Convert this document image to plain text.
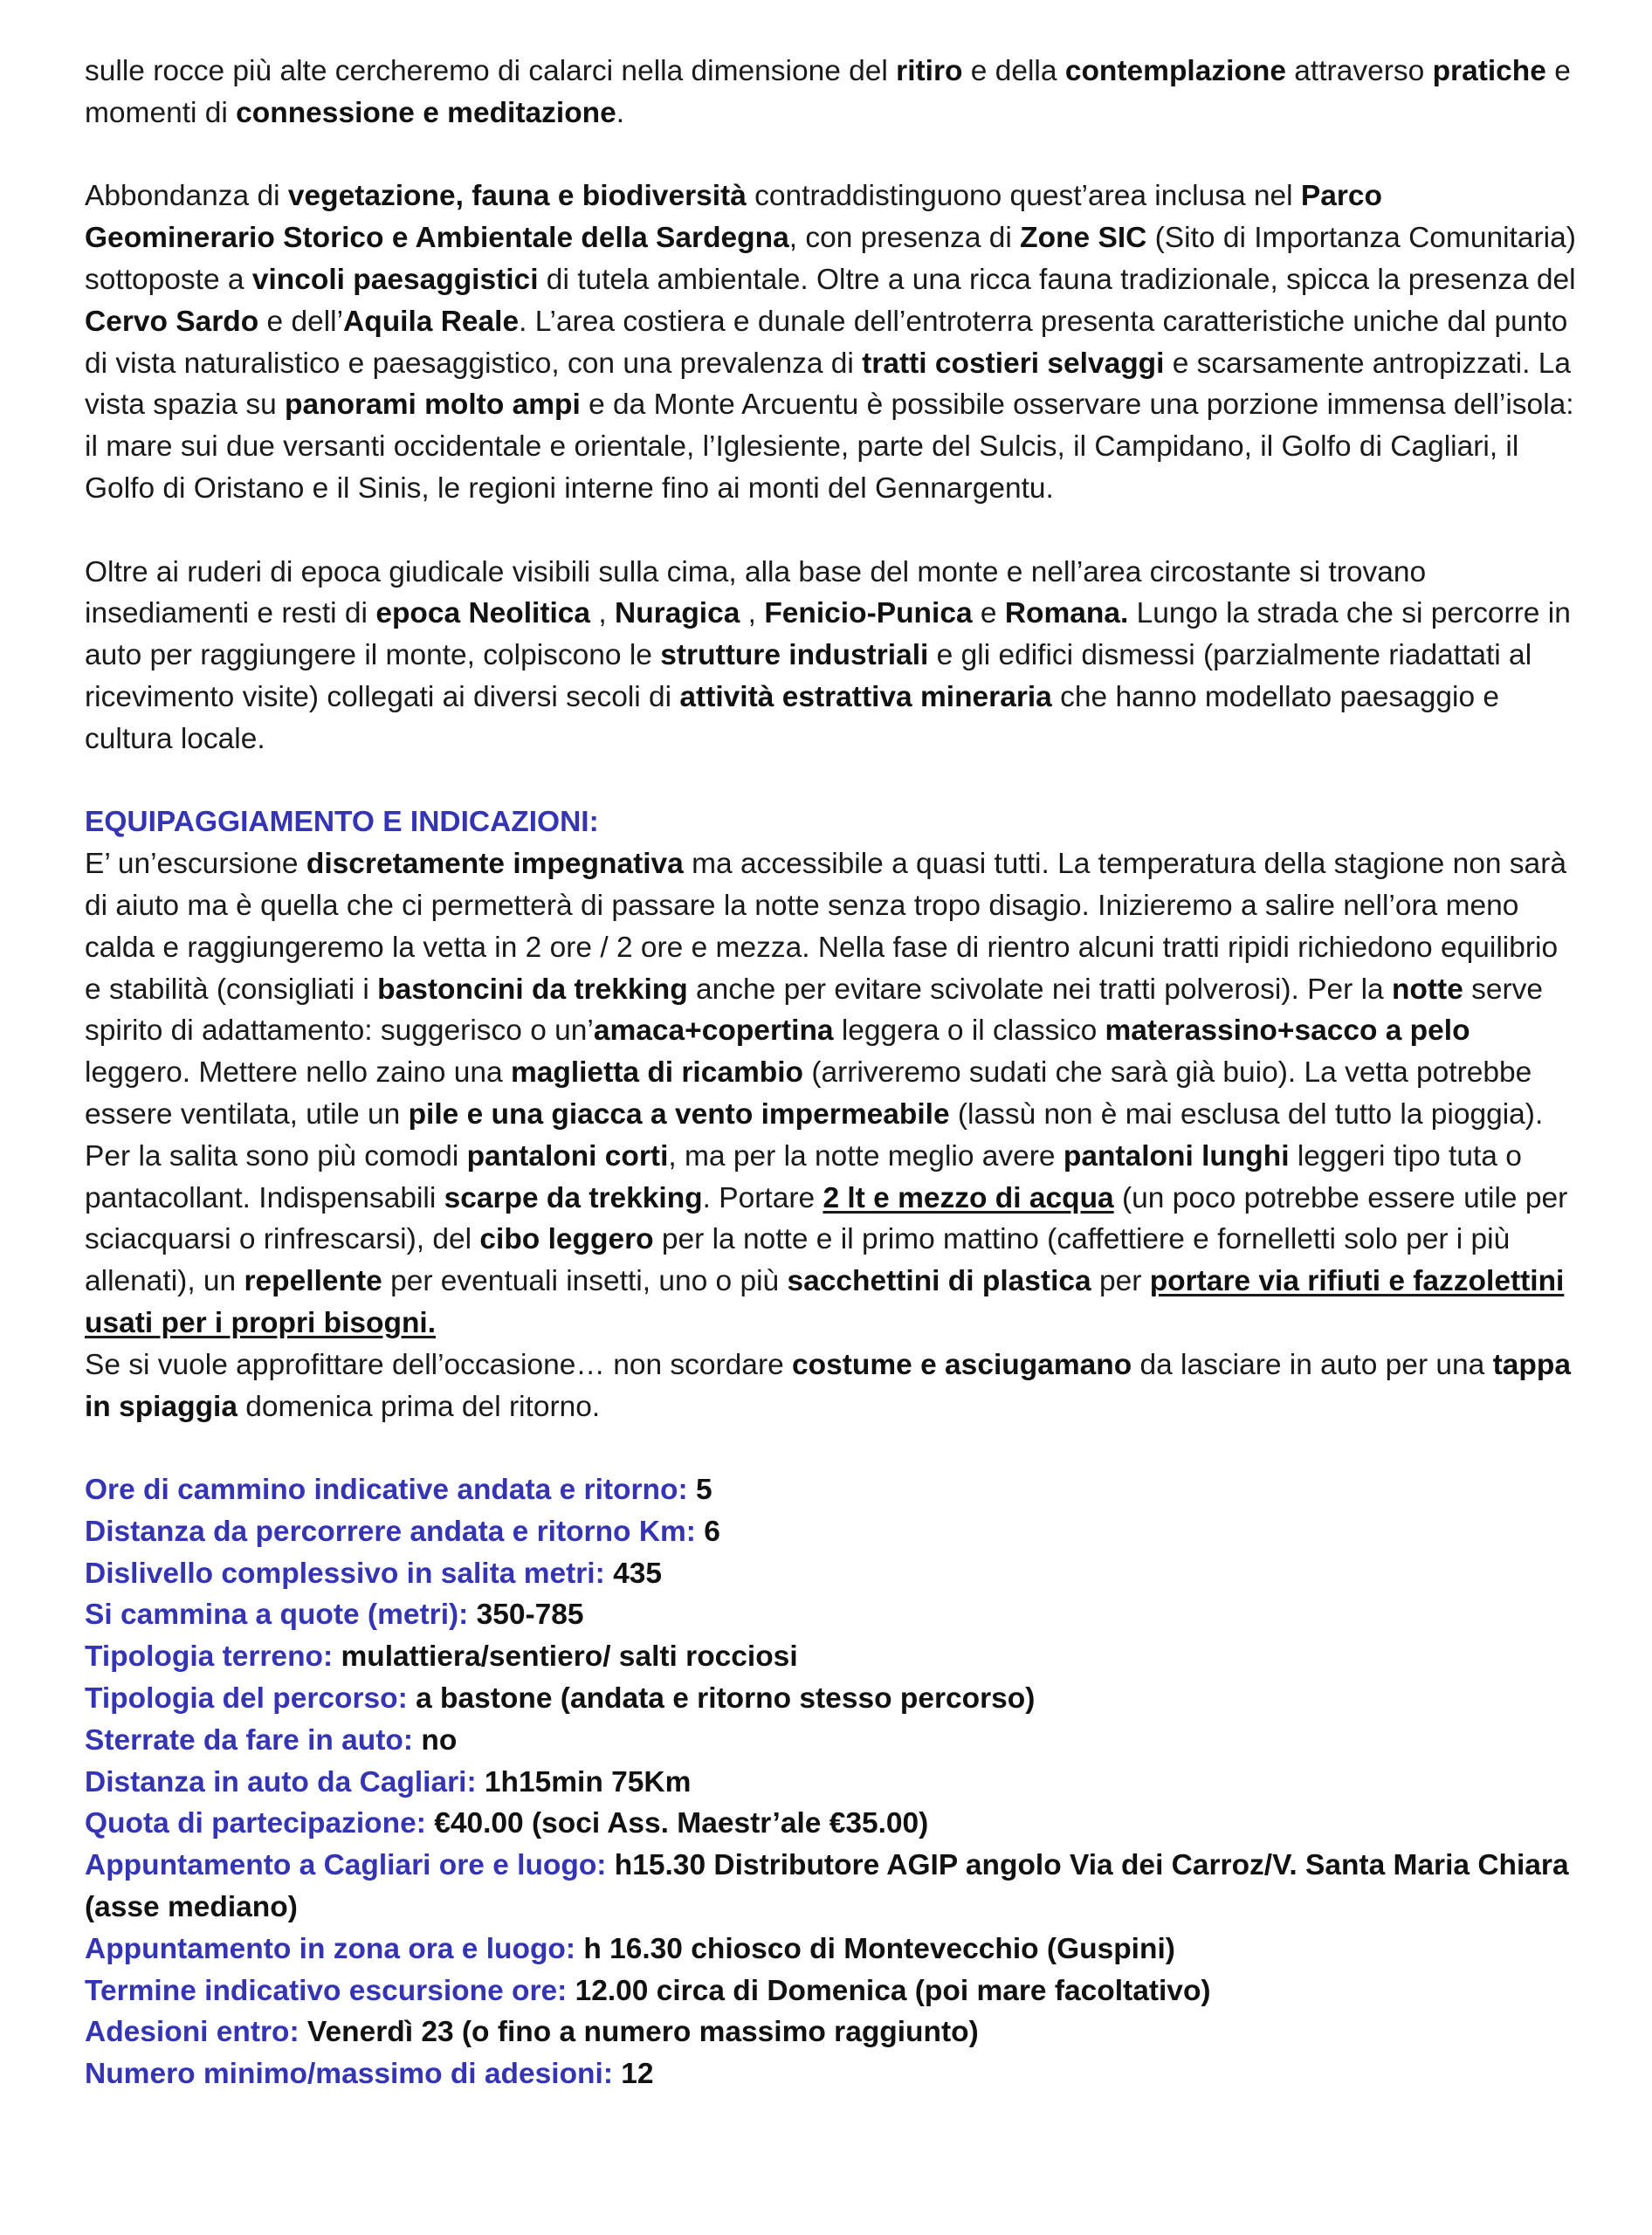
sulle rocce più alte cercheremo di calarci nella dimensione del ritiro e della contemplazione attraverso pratiche e momenti di connessione e meditazione.

Abbondanza di vegetazione, fauna e biodiversità contraddistinguono quest’area inclusa nel Parco Geominerario Storico e Ambientale della Sardegna, con presenza di Zone SIC (Sito di Importanza Comunitaria) sottoposte a vincoli paesaggistici di tutela ambientale. Oltre a una ricca fauna tradizionale, spicca la presenza del Cervo Sardo e dell’Aquila Reale. L’area costiera e dunale dell’entroterra presenta caratteristiche uniche dal punto di vista naturalistico e paesaggistico, con una prevalenza di tratti costieri selvaggi e scarsamente antropizzati. La vista spazia su panorami molto ampi e da Monte Arcuentu è possibile osservare una porzione immensa dell’isola: il mare sui due versanti occidentale e orientale, l’Iglesiente, parte del Sulcis, il Campidano, il Golfo di Cagliari, il Golfo di Oristano e il Sinis, le regioni interne fino ai monti del Gennargentu.

Oltre ai ruderi di epoca giudicale visibili sulla cima, alla base del monte e nell’area circostante si trovano insediamenti e resti di epoca Neolitica , Nuragica , Fenicio-Punica e Romana. Lungo la strada che si percorre in auto per raggiungere il monte, colpiscono le strutture industriali e gli edifici dismessi (parzialmente riadattati al ricevimento visite) collegati ai diversi secoli di attività estrattiva mineraria che hanno modellato paesaggio e cultura locale.

EQUIPAGGIAMENTO E INDICAZIONI:

E’ un’escursione discretamente impegnativa ma accessibile a quasi tutti. La temperatura della stagione non sarà di aiuto ma è quella che ci permetterà di passare la notte senza tropo disagio. Inizieremo a salire nell’ora meno calda e raggiungeremo la vetta in 2 ore / 2 ore e mezza. Nella fase di rientro alcuni tratti ripidi richiedono equilibrio e stabilità (consigliati i bastoncini da trekking anche per evitare scivolate nei tratti polverosi). Per la notte serve spirito di adattamento: suggerisco o un’amaca+copertina leggera o il classico materassino+sacco a pelo leggero. Mettere nello zaino una maglietta di ricambio (arriveremo sudati che sarà già buio). La vetta potrebbe essere ventilata, utile un pile e una giacca a vento impermeabile (lassù non è mai esclusa del tutto la pioggia). Per la salita sono più comodi pantaloni corti, ma per la notte meglio avere pantaloni lunghi leggeri tipo tuta o pantacollant. Indispensabili scarpe da trekking. Portare 2 lt e mezzo di acqua (un poco potrebbe essere utile per sciacquarsi o rinfrescarsi), del cibo leggero per la notte e il primo mattino (caffettiere e fornelletti solo per i più allenati), un repellente per eventuali insetti, uno o più sacchettini di plastica per portare via rifiuti e fazzolettini usati per i propri bisogni.

Se si vuole approfittare dell’occasione… non scordare costume e asciugamano da lasciare in auto per una tappa in spiaggia domenica prima del ritorno.

Ore di cammino indicative andata e ritorno: 5

Distanza da percorrere andata e ritorno Km: 6

Dislivello complessivo in salita metri: 435

Si cammina a quote (metri): 350-785

Tipologia terreno: mulattiera/sentiero/ salti rocciosi

Tipologia del percorso: a bastone (andata e ritorno stesso percorso)

Sterrate da fare in auto: no

Distanza in auto da Cagliari: 1h15min 75Km

Quota di partecipazione: €40.00 (soci Ass. Maestr’ale €35.00)

Appuntamento a Cagliari ore e luogo: h15.30 Distributore AGIP angolo Via dei Carroz/V. Santa Maria Chiara (asse mediano)

Appuntamento in zona ora e luogo: h 16.30 chiosco di Montevecchio (Guspini)

Termine indicativo escursione ore: 12.00 circa di Domenica (poi mare facoltativo)

Adesioni entro: Venerdì 23 (o fino a numero massimo raggiunto)

Numero minimo/massimo di adesioni: 12
